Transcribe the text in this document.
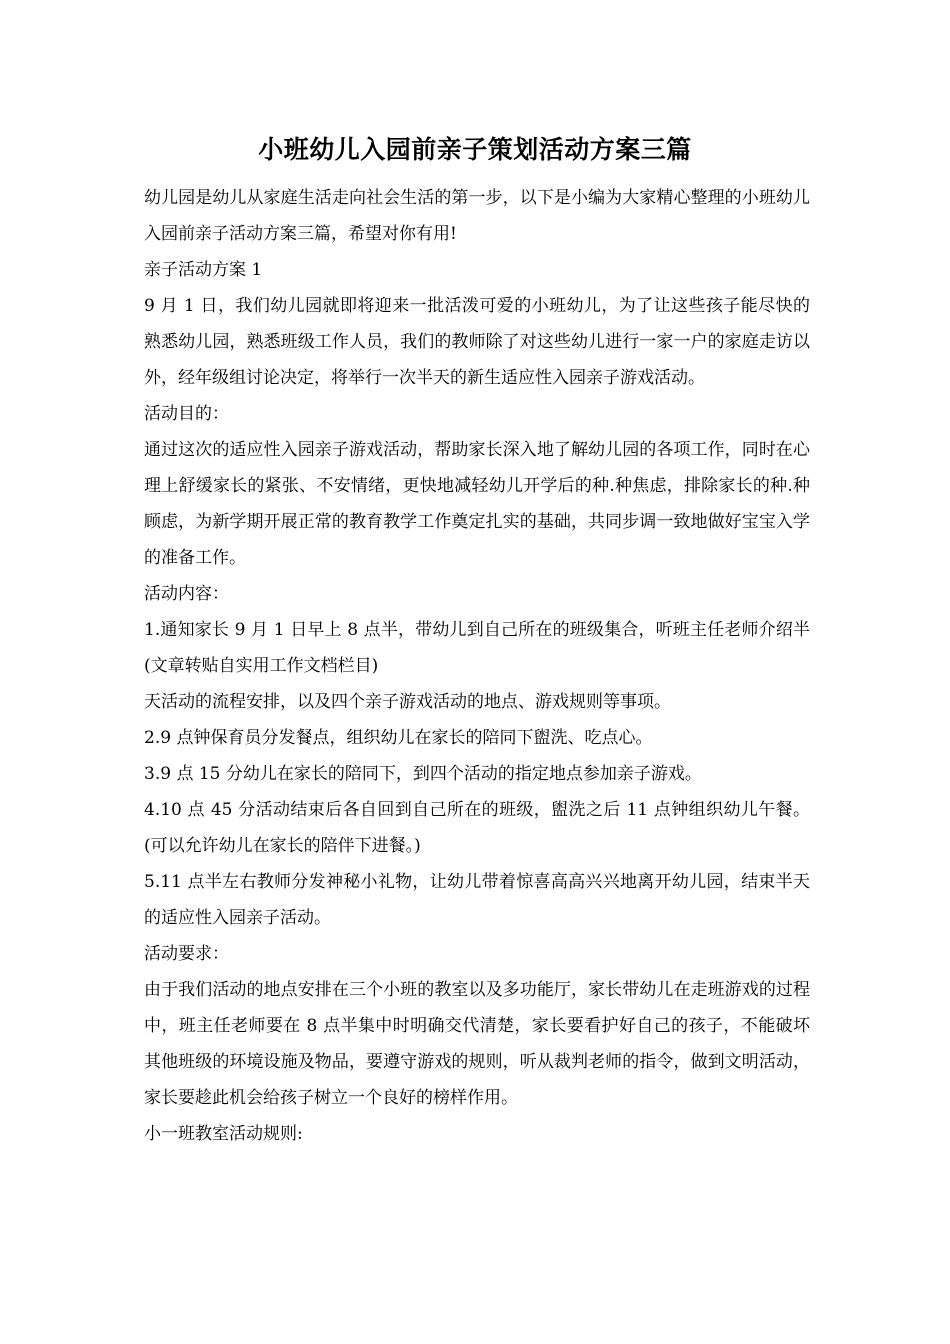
小班幼儿入园前亲子策划活动方案三篇

幼儿园是幼儿从家庭生活走向社会生活的第一步，以下是小编为大家精心整理的小班幼儿入园前亲子活动方案三篇，希望对你有用!

亲子活动方案 1

9 月 1 日，我们幼儿园就即将迎来一批活泼可爱的小班幼儿，为了让这些孩子能尽快的熟悉幼儿园，熟悉班级工作人员，我们的教师除了对这些幼儿进行一家一户的家庭走访以外，经年级组讨论决定，将举行一次半天的新生适应性入园亲子游戏活动。

活动目的：

通过这次的适应性入园亲子游戏活动，帮助家长深入地了解幼儿园的各项工作，同时在心理上舒缓家长的紧张、不安情绪，更快地减轻幼儿开学后的种.种焦虑，排除家长的种.种顾虑，为新学期开展正常的教育教学工作奠定扎实的基础，共同步调一致地做好宝宝入学的准备工作。

活动内容：

1.通知家长 9 月 1 日早上 8 点半，带幼儿到自己所在的班级集合，听班主任老师介绍半 (文章转贴自实用工作文档栏目)

天活动的流程安排，以及四个亲子游戏活动的地点、游戏规则等事项。

2.9 点钟保育员分发餐点，组织幼儿在家长的陪同下盥洗、吃点心。

3.9 点 15 分幼儿在家长的陪同下，到四个活动的指定地点参加亲子游戏。

4.10 点 45 分活动结束后各自回到自己所在的班级，盥洗之后 11 点钟组织幼儿午餐。(可以允许幼儿在家长的陪伴下进餐。)

5.11 点半左右教师分发神秘小礼物，让幼儿带着惊喜高高兴兴地离开幼儿园，结束半天的适应性入园亲子活动。

活动要求：

由于我们活动的地点安排在三个小班的教室以及多功能厅，家长带幼儿在走班游戏的过程中，班主任老师要在 8 点半集中时明确交代清楚，家长要看护好自己的孩子，不能破坏其他班级的环境设施及物品，要遵守游戏的规则，听从裁判老师的指令，做到文明活动，家长要趁此机会给孩子树立一个良好的榜样作用。

小一班教室活动规则:
